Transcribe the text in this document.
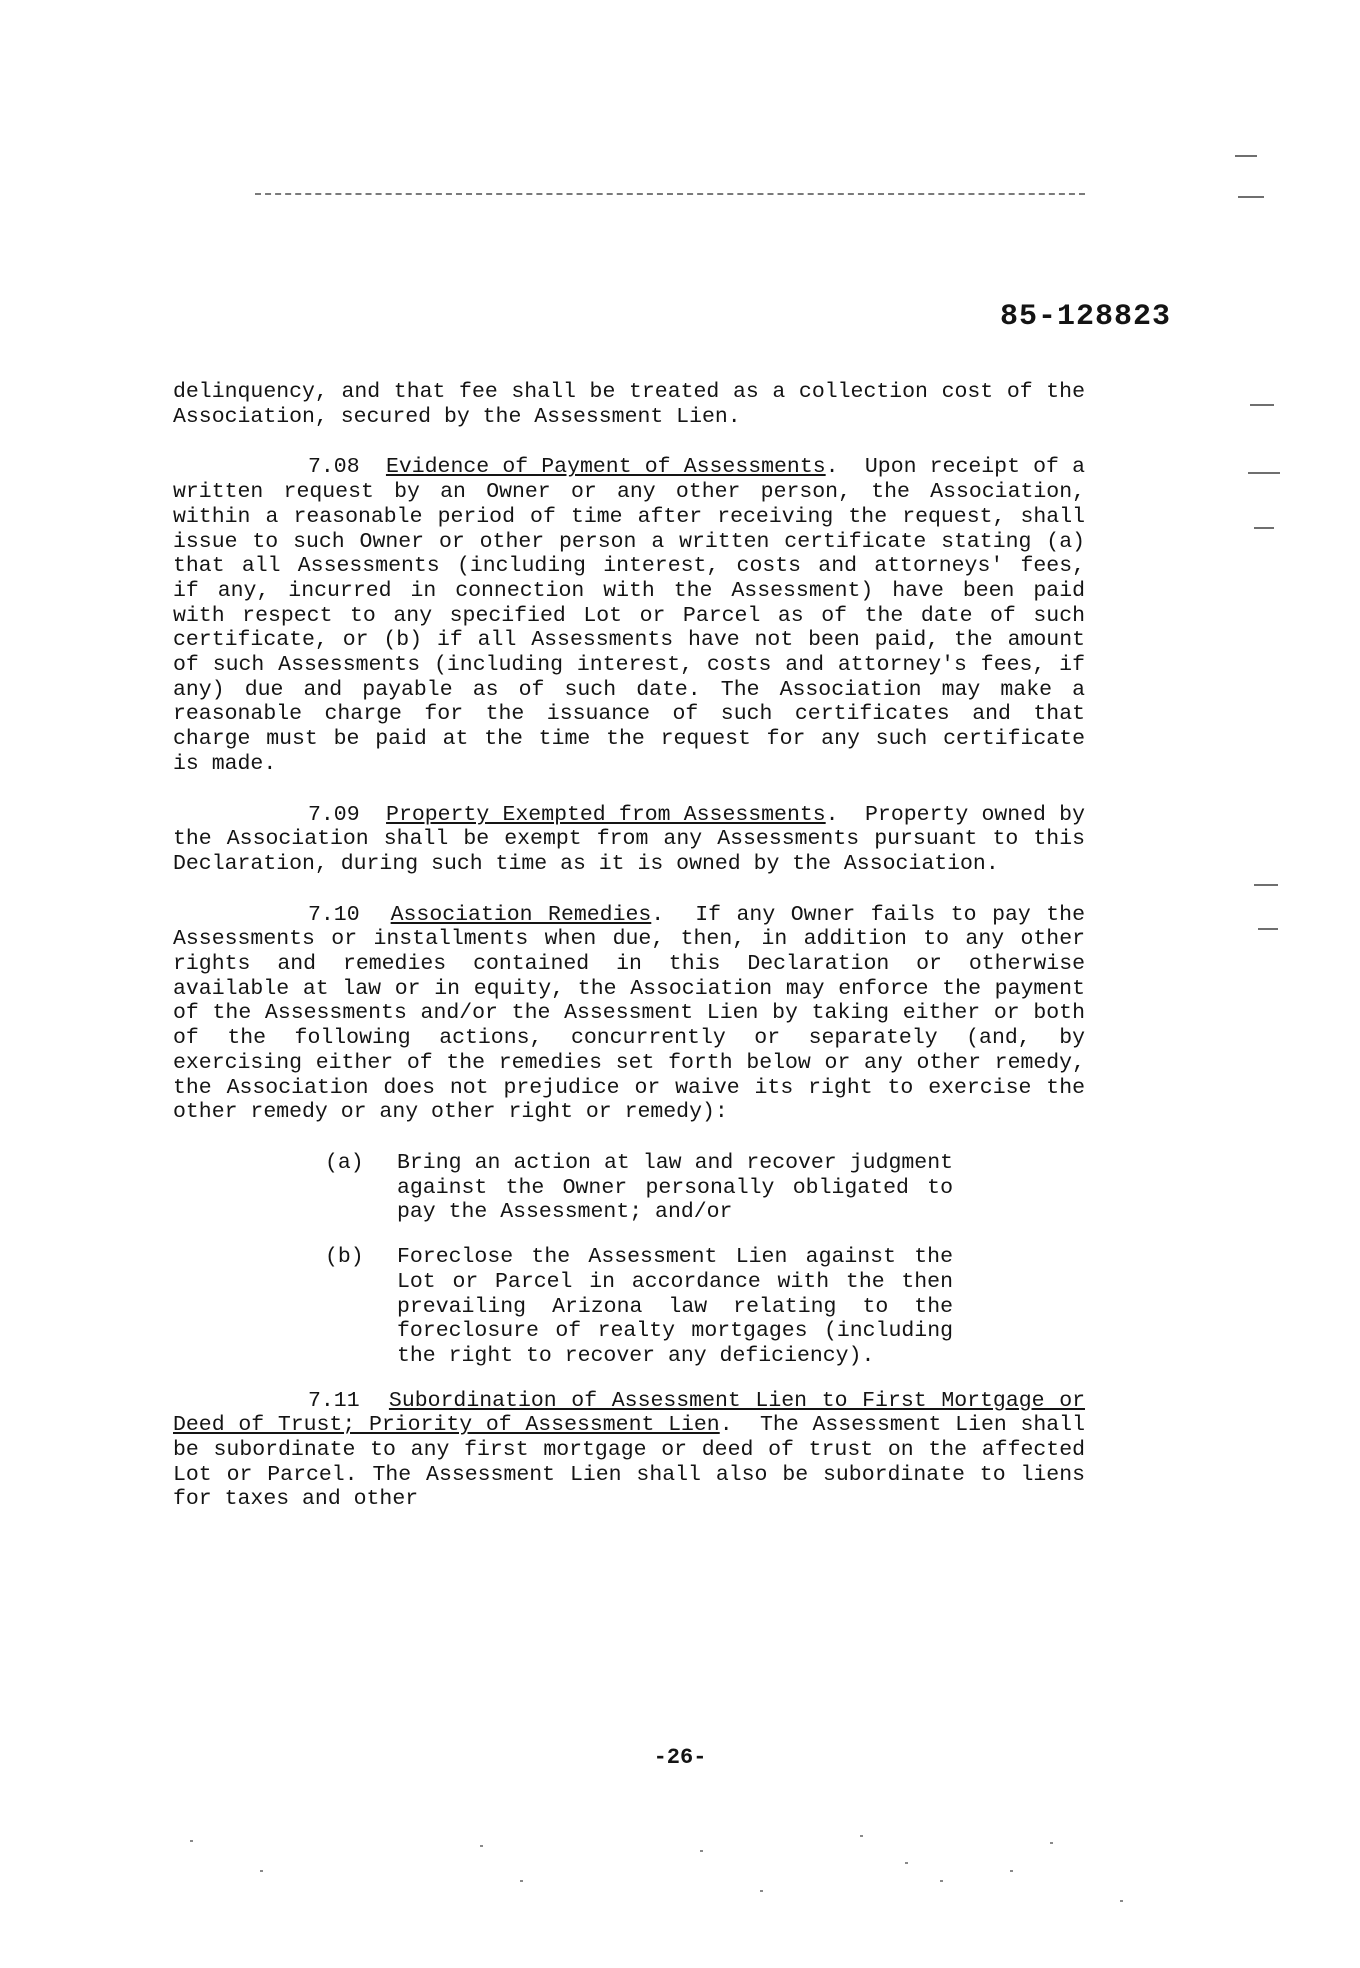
85-128823

delinquency, and that fee shall be treated as a collection cost of the Association, secured by the Assessment Lien.

7.08 Evidence of Payment of Assessments.  Upon receipt of a written request by an Owner or any other person, the Association, within a reasonable period of time after receiving the request, shall issue to such Owner or other person a written certificate stating (a) that all Assessments (including interest, costs and attorneys' fees, if any, incurred in connection with the Assessment) have been paid with respect to any specified Lot or Parcel as of the date of such certificate, or (b) if all Assessments have not been paid, the amount of such Assessments (including interest, costs and attorney's fees, if any) due and payable as of such date. The Association may make a reasonable charge for the issuance of such certificates and that charge must be paid at the time the request for any such certificate is made.

7.09 Property Exempted from Assessments.  Property owned by the Association shall be exempt from any Assessments pursuant to this Declaration, during such time as it is owned by the Association.

7.10 Association Remedies.  If any Owner fails to pay the Assessments or installments when due, then, in addition to any other rights and remedies contained in this Declaration or otherwise available at law or in equity, the Association may enforce the payment of the Assessments and/or the Assessment Lien by taking either or both of the following actions, concurrently or separately (and, by exercising either of the remedies set forth below or any other remedy, the Association does not prejudice or waive its right to exercise the other remedy or any other right or remedy):

(a)	Bring an action at law and recover judgment against the Owner personally obligated to pay the Assessment; and/or
(b)	Foreclose the Assessment Lien against the Lot or Parcel in accordance with the then prevailing Arizona law relating to the foreclosure of realty mortgages (including the right to recover any deficiency).

7.11 Subordination of Assessment Lien to First Mortgage or Deed of Trust; Priority of Assessment Lien.  The Assessment Lien shall be subordinate to any first mortgage or deed of trust on the affected Lot or Parcel. The Assessment Lien shall also be subordinate to liens for taxes and other

-26-
